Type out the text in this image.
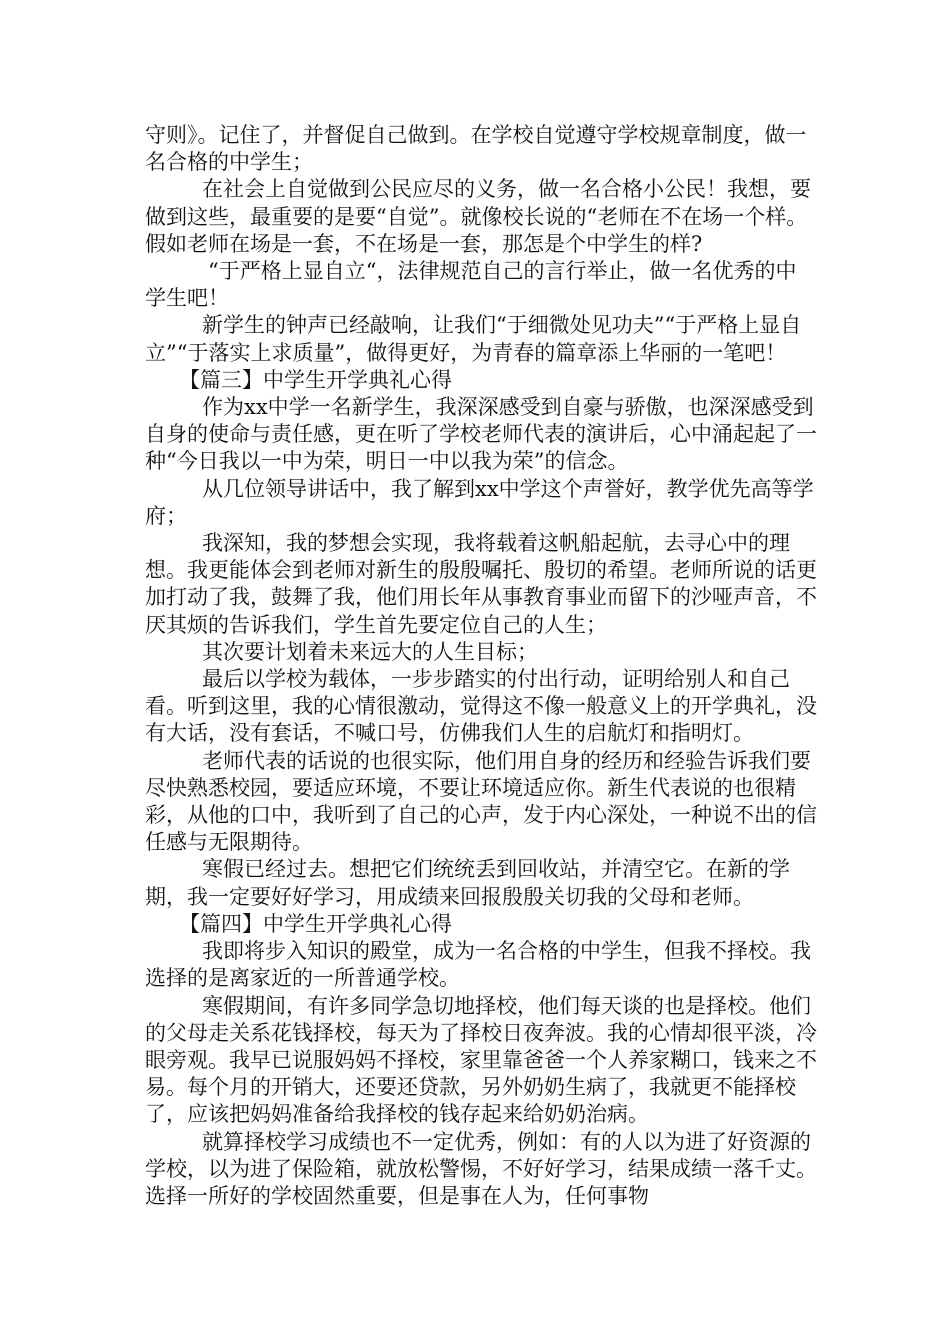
守则》。记住了，并督促自己做到。在学校自觉遵守学校规章制度，做一名合格的中学生；

在社会上自觉做到公民应尽的义务，做一名合格小公民！我想，要做到这些，最重要的是要“自觉”。就像校长说的“老师在不在场一个样。假如老师在场是一套，不在场是一套，那怎是个中学生的样?

“于严格上显自立“，法律规范自己的言行举止，做一名优秀的中学生吧！

新学生的钟声已经敲响，让我们“于细微处见功夫”“于严格上显自立”“于落实上求质量”，做得更好，为青春的篇章添上华丽的一笔吧！

【篇三】中学生开学典礼心得

作为xx中学一名新学生，我深深感受到自豪与骄傲，也深深感受到自身的使命与责任感，更在听了学校老师代表的演讲后，心中涌起起了一种“今日我以一中为荣，明日一中以我为荣”的信念。

从几位领导讲话中，我了解到xx中学这个声誉好，教学优先高等学府；

我深知，我的梦想会实现，我将载着这帆船起航，去寻心中的理想。我更能体会到老师对新生的殷殷嘱托、殷切的希望。老师所说的话更加打动了我，鼓舞了我，他们用长年从事教育事业而留下的沙哑声音，不厌其烦的告诉我们，学生首先要定位自己的人生；

其次要计划着未来远大的人生目标；

最后以学校为载体，一步步踏实的付出行动，证明给别人和自己看。听到这里，我的心情很激动，觉得这不像一般意义上的开学典礼，没有大话，没有套话，不喊口号，仿佛我们人生的启航灯和指明灯。

老师代表的话说的也很实际，他们用自身的经历和经验告诉我们要尽快熟悉校园，要适应环境，不要让环境适应你。新生代表说的也很精彩，从他的口中，我听到了自己的心声，发于内心深处，一种说不出的信任感与无限期待。

寒假已经过去。想把它们统统丢到回收站，并清空它。在新的学期，我一定要好好学习，用成绩来回报殷殷关切我的父母和老师。

【篇四】中学生开学典礼心得

我即将步入知识的殿堂，成为一名合格的中学生，但我不择校。我选择的是离家近的一所普通学校。

寒假期间，有许多同学急切地择校，他们每天谈的也是择校。他们的父母走关系花钱择校，每天为了择校日夜奔波。我的心情却很平淡，冷眼旁观。我早已说服妈妈不择校，家里靠爸爸一个人养家糊口，钱来之不易。每个月的开销大，还要还贷款，另外奶奶生病了，我就更不能择校了，应该把妈妈准备给我择校的钱存起来给奶奶治病。

就算择校学习成绩也不一定优秀，例如：有的人以为进了好资源的学校，以为进了保险箱，就放松警惕，不好好学习，结果成绩一落千丈。选择一所好的学校固然重要，但是事在人为，任何事物
